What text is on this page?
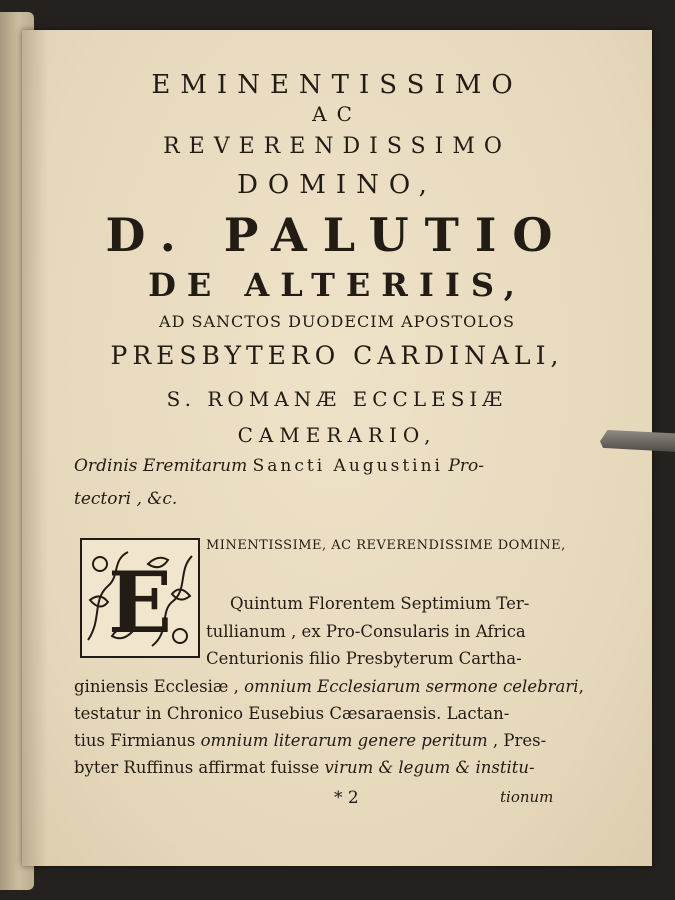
EMINENTISSIMO
AC
REVERENDISSIMO
DOMINO,
D. PALUTIO
DE ALTERIIS,
AD SANCTOS DUODECIM APOSTOLOS
PRESBYTERO CARDINALI,
S. ROMANÆ ECCLESIÆ
CAMERARIO,
Ordinis Eremitarum Sancti Augustini Pro-
tectori , &c.
E
MINENTISSIME, AC REVERENDISSIME DOMINE,
Quintum Florentem Septimium Ter-
tullianum , ex Pro-Consularis in Africa
Centurionis filio Presbyterum Cartha-
giniensis Ecclesiæ , omnium Ecclesiarum sermone celebrari,
testatur in Chronico Eusebius Cæsaraensis. Lactan-
tius Firmianus omnium literarum genere peritum , Pres-
byter Ruffinus affirmat fuisse virum & legum & institu-
* 2	tionum
